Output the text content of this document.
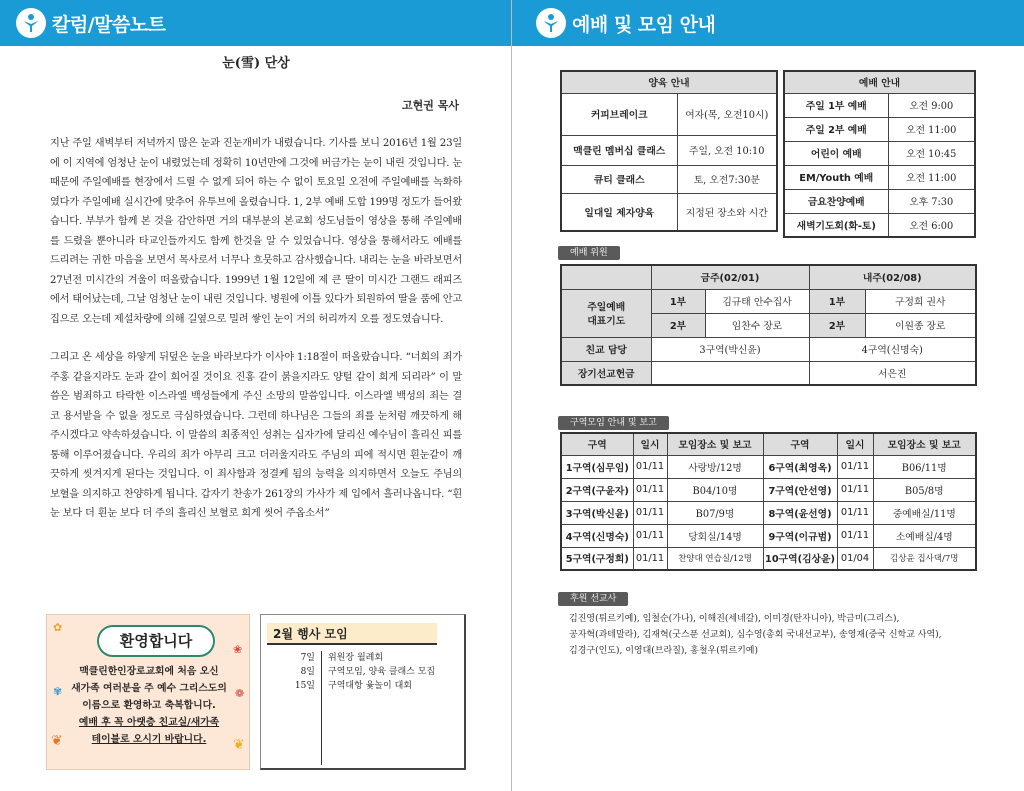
칼럼/말씀노트
눈(雪) 단상
고현권 목사

지난 주일 새벽부터 저녁까지 많은 눈과 진눈개비가 내렸습니다. 기사를 보니 2016년 1월 23일에 이 지역에 엄청난 눈이 내렸었는데 정확히 10년만에 그것에 버금가는 눈이 내린 것입니다. 눈때문에 주일예배를 현장에서 드릴 수 없게 되어 하는 수 없이 토요일 오전에 주일예배를 녹화하였다가 주일예배 실시간에 맞추어 유투브에 올렸습니다. 1, 2부 예배 도합 199명 정도가 들어왔습니다. 부부가 함께 본 것을 감안하면 거의 대부분의 본교회 성도님들이 영상을 통해 주일예배를 드렸을 뿐아니라 타교인들까지도 함께 한것을 알 수 있었습니다. 영상을 통해서라도 예배를 드리려는 귀한 마음을 보면서 목사로서 너무나 흐뭇하고 감사했습니다. 내리는 눈을 바라보면서 27년전 미시간의 겨울이 떠올랐습니다. 1999년 1월 12일에 제 큰 딸이 미시간 그랜드 래피즈에서 태어났는데, 그날 엄청난 눈이 내린 것입니다. 병원에 이틀 있다가 퇴원하여 딸을 품에 안고 집으로 오는데 제설차량에 의해 길옆으로 밀려 쌓인 눈이 거의 허리까지 오를 정도였습니다.

그리고 온 세상을 하얗게 뒤덮은 눈을 바라보다가 이사야 1:18절이 떠올랐습니다. “너희의 죄가 주홍 같을지라도 눈과 같이 희어질 것이요 진홍 같이 붉을지라도 양털 같이 희게 되리라” 이 말씀은 범죄하고 타락한 이스라엘 백성들에게 주신 소망의 말씀입니다. 이스라엘 백성의 죄는 결코 용서받을 수 없을 정도로 극심하였습니다. 그런데 하나님은 그들의 죄를 눈처럼 깨끗하게 해주시겠다고 약속하셨습니다. 이 말씀의 최종적인 성취는 십자가에 달리신 예수님이 흘리신 피를 통해 이루어졌습니다. 우리의 죄가 아무리 크고 더러울지라도 주님의 피에 적시면 흰눈같이 깨끗하게 씻겨지게 된다는 것입니다. 이 죄사함과 정결케 됨의 능력을 의지하면서 오늘도 주님의 보혈을 의지하고 찬양하게 됩니다. 갑자기 찬송가 261장의 가사가 제 입에서 흘러나옵니다. “흰눈 보다 더 흰눈 보다 더 주의 흘리신 보혈로 희게 씻어 주옵소서”

✿
❀
✾	❁
❦	❦
환영합니다
맥클린한인장로교회에 처음 오신
새가족 여러분을 주 예수 그리스도의
이름으로 환영하고 축복합니다.
예배 후 꼭 아랫층 친교실/새가족
테이블로 오시기 바랍니다.
2월 행사 모임
7일	위원장 월례회
8일	구역모임, 양육 클래스 모집
15일	구역대항 윷놀이 대회
예배 및 모임 안내
양육 안내	
커피브레이크	여자(목, 오전10시)
맥클린 멤버십 클래스	주일, 오전 10:10
큐티 클래스	토, 오전7:30분
일대일 제자양육	지정된 장소와 시간
예배 안내	
주일 1부 예배	오전 9:00
주일 2부 예배	오전 11:00
어린이 예배	오전 10:45
EM/Youth 예배	오전 11:00
금요찬양예배	오후 7:30
새벽기도회(화-토)	오전 6:00
예배 위원
	금주(02/01)		내주(02/08)	

주일예배
대표기도	1부	김규태 안수집사	1부	구정희 권사
	2부	임찬수 장로	2부	이원종 장로
친교 담당	3구역(박신윤)		4구역(신명숙)	
장기선교헌금			서은진	
구역모임 안내 및 보고
구역	일시	모임장소 및 보고	구역	일시	모임장소 및 보고
1구역(심무임)	01/11	사랑방/12명	6구역(최영옥)	01/11	B06/11명
2구역(구윤자)	01/11	B04/10명	7구역(안선영)	01/11	B05/8명
3구역(박신윤)	01/11	B07/9명	8구역(윤선영)	01/11	중예배실/11명
4구역(신명숙)	01/11	당회실/14명	9구역(이규범)	01/11	소예배실/4명
5구역(구정희)	01/11	찬양대 연습실/12명	10구역(김상윤)	01/04	김상윤 집사댁/7명
후원 선교사
김진영(튀르키예), 임철순(가나), 이해진(세네갈), 이미경(탄자니아), 박금미(그리스),
공자혁(과테말라), 김재혁(굿스푼 선교회), 심수영(총회 국내선교부), 송영재(중국 신학교 사역),
김경구(인도), 이영대(브라질), 홍철우(튀르키예)
